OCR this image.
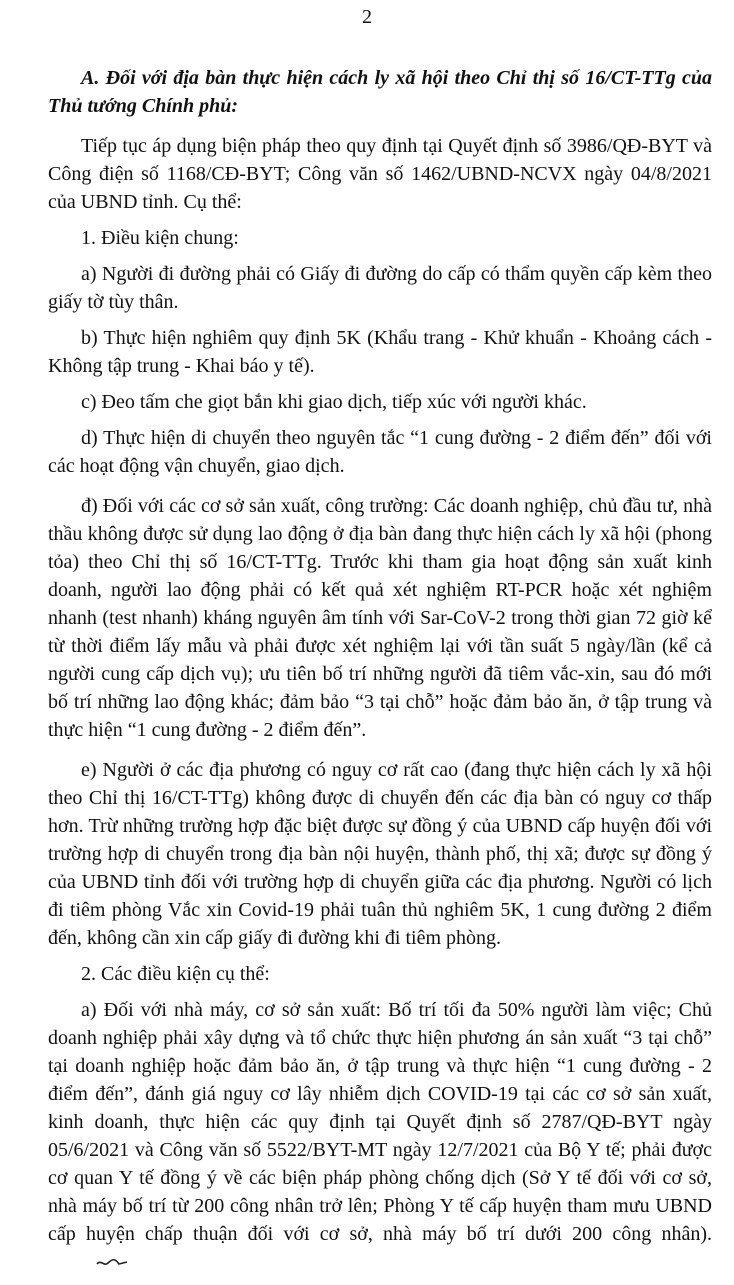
2

A. Đối với địa bàn thực hiện cách ly xã hội theo Chỉ thị số 16/CT-TTg của Thủ tướng Chính phủ:

Tiếp tục áp dụng biện pháp theo quy định tại Quyết định số 3986/QĐ-BYT và Công điện số 1168/CĐ-BYT; Công văn số 1462/UBND-NCVX ngày 04/8/2021 của UBND tỉnh. Cụ thể:

1. Điều kiện chung:

a) Người đi đường phải có Giấy đi đường do cấp có thẩm quyền cấp kèm theo giấy tờ tùy thân.

b) Thực hiện nghiêm quy định 5K (Khẩu trang - Khử khuẩn - Khoảng cách - Không tập trung - Khai báo y tế).

c) Đeo tấm che giọt bắn khi giao dịch, tiếp xúc với người khác.

d) Thực hiện di chuyển theo nguyên tắc “1 cung đường - 2 điểm đến” đối với các hoạt động vận chuyển, giao dịch.

đ) Đối với các cơ sở sản xuất, công trường: Các doanh nghiệp, chủ đầu tư, nhà thầu không được sử dụng lao động ở địa bàn đang thực hiện cách ly xã hội (phong tỏa) theo Chỉ thị số 16/CT-TTg. Trước khi tham gia hoạt động sản xuất kinh doanh, người lao động phải có kết quả xét nghiệm RT-PCR hoặc xét nghiệm nhanh (test nhanh) kháng nguyên âm tính với Sar-CoV-2 trong thời gian 72 giờ kể từ thời điểm lấy mẫu và phải được xét nghiệm lại với tần suất 5 ngày/lần (kể cả người cung cấp dịch vụ); ưu tiên bố trí những người đã tiêm vắc-xin, sau đó mới bố trí những lao động khác; đảm bảo “3 tại chỗ” hoặc đảm bảo ăn, ở tập trung và thực hiện “1 cung đường - 2 điểm đến”.

e) Người ở các địa phương có nguy cơ rất cao (đang thực hiện cách ly xã hội theo Chỉ thị 16/CT-TTg) không được di chuyển đến các địa bàn có nguy cơ thấp hơn. Trừ những trường hợp đặc biệt được sự đồng ý của UBND cấp huyện đối với trường hợp di chuyển trong địa bàn nội huyện, thành phố, thị xã; được sự đồng ý của UBND tỉnh đối với trường hợp di chuyển giữa các địa phương. Người có lịch đi tiêm phòng Vắc xin Covid-19 phải tuân thủ nghiêm 5K, 1 cung đường 2 điểm đến, không cần xin cấp giấy đi đường khi đi tiêm phòng.

2. Các điều kiện cụ thể:

a) Đối với nhà máy, cơ sở sản xuất: Bố trí tối đa 50% người làm việc; Chủ doanh nghiệp phải xây dựng và tổ chức thực hiện phương án sản xuất “3 tại chỗ” tại doanh nghiệp hoặc đảm bảo ăn, ở tập trung và thực hiện “1 cung đường - 2 điểm đến”, đánh giá nguy cơ lây nhiễm dịch COVID-19 tại các cơ sở sản xuất, kinh doanh, thực hiện các quy định tại Quyết định số 2787/QĐ-BYT ngày 05/6/2021 và Công văn số 5522/BYT-MT ngày 12/7/2021 của Bộ Y tế; phải được cơ quan Y tế đồng ý về các biện pháp phòng chống dịch (Sở Y tế đối với cơ sở, nhà máy bố trí từ 200 công nhân trở lên; Phòng Y tế cấp huyện tham mưu UBND cấp huyện chấp thuận đối với cơ sở, nhà máy bố trí dưới 200 công nhân).
